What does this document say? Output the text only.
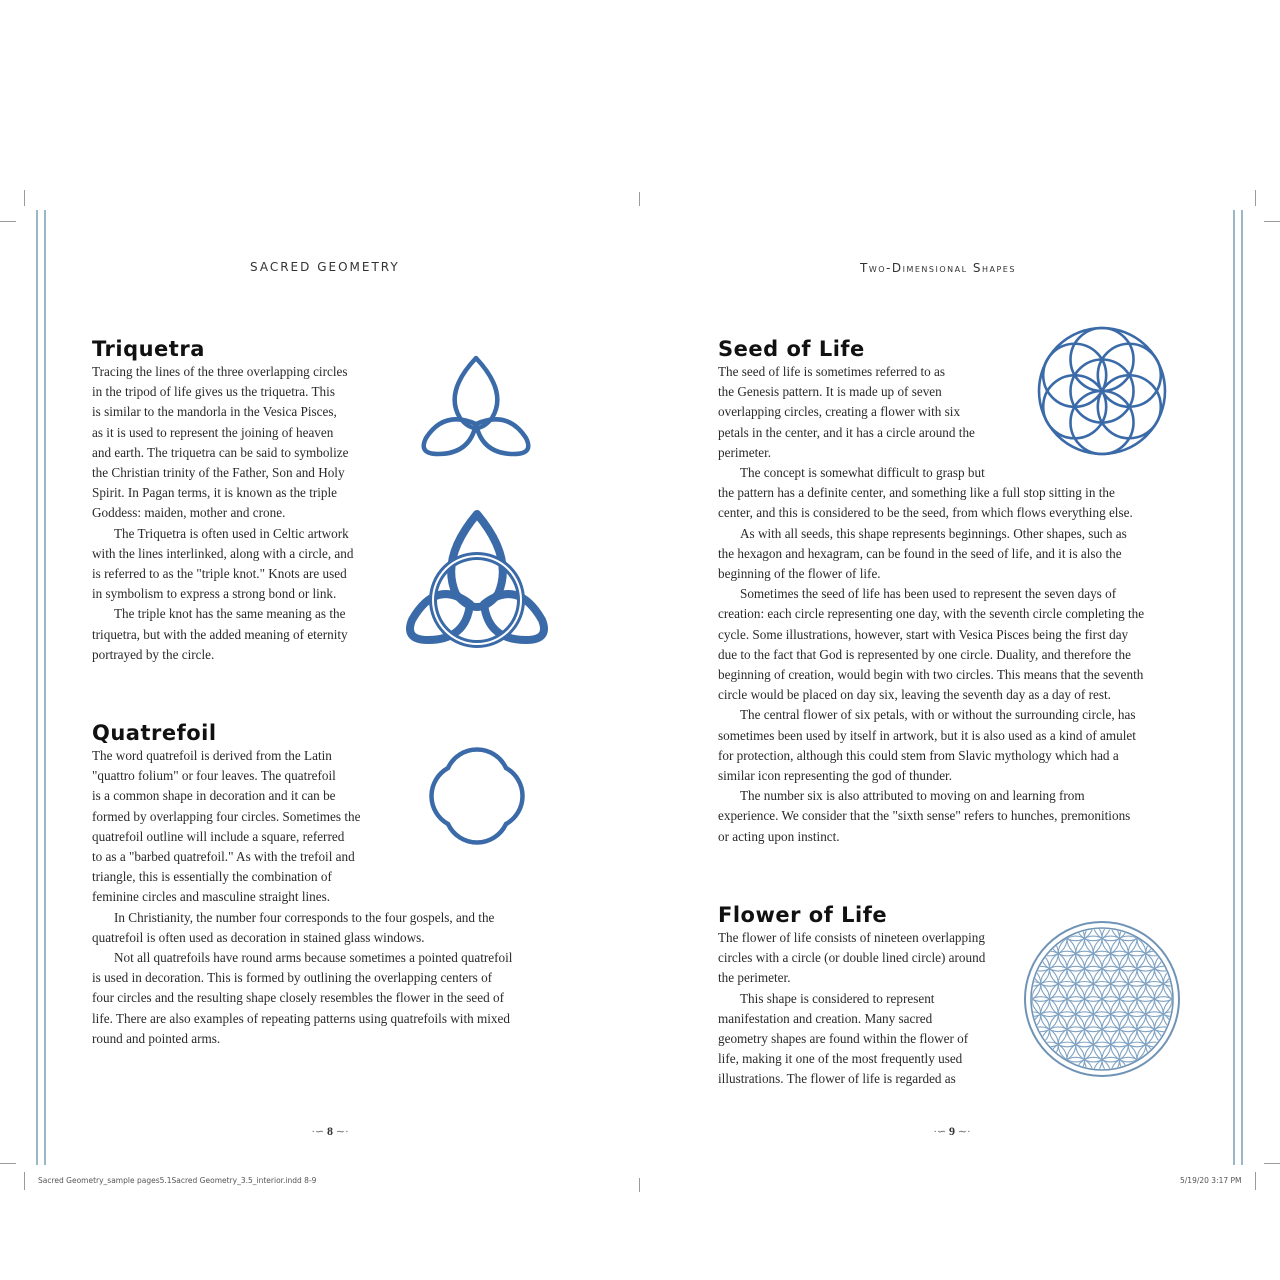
SACRED GEOMETRY
Triquetra
Tracing the lines of the three overlapping circles
in the tripod of life gives us the triquetra. This
is similar to the mandorla in the Vesica Pisces,
as it is used to represent the joining of heaven
and earth. The triquetra can be said to symbolize
the Christian trinity of the Father, Son and Holy
Spirit. In Pagan terms, it is known as the triple
Goddess: maiden, mother and crone.
The Triquetra is often used in Celtic artwork
with the lines interlinked, along with a circle, and
is referred to as the "triple knot." Knots are used
in symbolism to express a strong bond or link.
The triple knot has the same meaning as the
triquetra, but with the added meaning of eternity
portrayed by the circle.
Quatrefoil
The word quatrefoil is derived from the Latin
"quattro folium" or four leaves. The quatrefoil
is a common shape in decoration and it can be
formed by overlapping four circles. Sometimes the
quatrefoil outline will include a square, referred
to as a "barbed quatrefoil." As with the trefoil and
triangle, this is essentially the combination of
feminine circles and masculine straight lines.
In Christianity, the number four corresponds to the four gospels, and the
quatrefoil is often used as decoration in stained glass windows.
Not all quatrefoils have round arms because sometimes a pointed quatrefoil
is used in decoration. This is formed by outlining the overlapping centers of
four circles and the resulting shape closely resembles the flower in the seed of
life. There are also examples of repeating patterns using quatrefoils with mixed
round and pointed arms.
·∽ 8 ∼·
Sacred Geometry_sample pages5.1Sacred Geometry_3.5_interior.indd 8-9
Two-Dimensional Shapes
Seed of Life
The seed of life is sometimes referred to as
the Genesis pattern. It is made up of seven
overlapping circles, creating a flower with six
petals in the center, and it has a circle around the
perimeter.
The concept is somewhat difficult to grasp but
the pattern has a definite center, and something like a full stop sitting in the
center, and this is considered to be the seed, from which flows everything else.
As with all seeds, this shape represents beginnings. Other shapes, such as
the hexagon and hexagram, can be found in the seed of life, and it is also the
beginning of the flower of life.
Sometimes the seed of life has been used to represent the seven days of
creation: each circle representing one day, with the seventh circle completing the
cycle. Some illustrations, however, start with Vesica Pisces being the first day
due to the fact that God is represented by one circle. Duality, and therefore the
beginning of creation, would begin with two circles. This means that the seventh
circle would be placed on day six, leaving the seventh day as a day of rest.
The central flower of six petals, with or without the surrounding circle, has
sometimes been used by itself in artwork, but it is also used as a kind of amulet
for protection, although this could stem from Slavic mythology which had a
similar icon representing the god of thunder.
The number six is also attributed to moving on and learning from
experience. We consider that the "sixth sense" refers to hunches, premonitions
or acting upon instinct.
Flower of Life
The flower of life consists of nineteen overlapping
circles with a circle (or double lined circle) around
the perimeter.
This shape is considered to represent
manifestation and creation. Many sacred
geometry shapes are found within the flower of
life, making it one of the most frequently used
illustrations. The flower of life is regarded as
·∽ 9 ∼·
5/19/20 3:17 PM
